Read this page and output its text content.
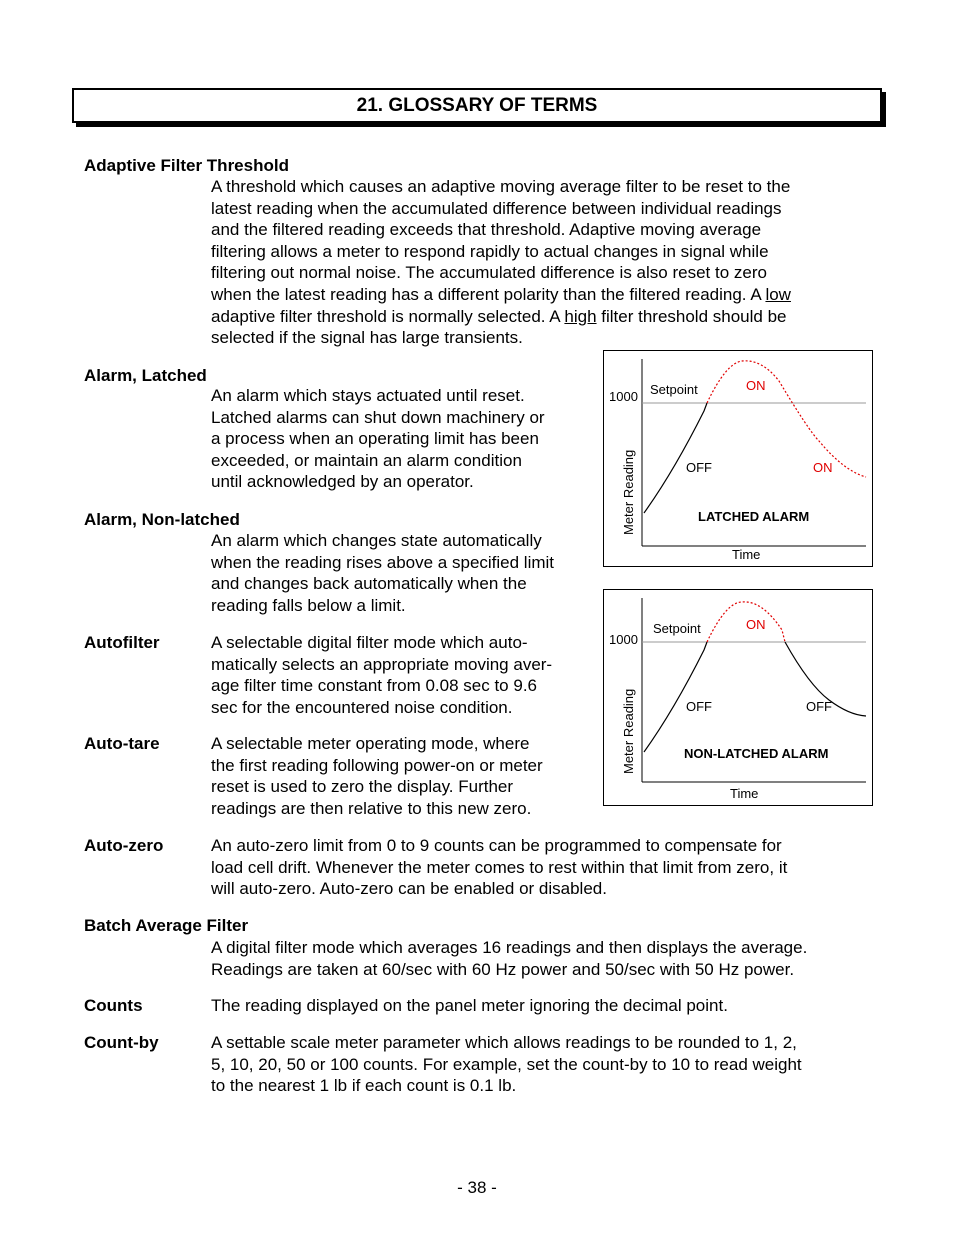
21. GLOSSARY OF TERMS
Adaptive Filter Threshold
A threshold which causes an adaptive moving average filter to be reset to the
latest reading when the accumulated difference between individual readings
and the filtered reading exceeds that threshold. Adaptive moving average
filtering allows a meter to respond rapidly to actual changes in signal while
filtering out normal noise. The accumulated difference is also reset to zero
when the latest reading has a different polarity than the filtered reading. A low
adaptive filter threshold is normally selected. A high filter threshold should be
selected if the signal has large transients.
Alarm, Latched
An alarm which stays actuated until reset.
Latched alarms can shut down machinery or
a process when an operating limit has been
exceeded, or maintain an alarm condition
until acknowledged by an operator.
Alarm, Non-latched
An alarm which changes state automatically
when the reading rises above a specified limit
and changes back automatically when the
reading falls below a limit.
Autofilter	A selectable digital filter mode which auto-
matically selects an appropriate moving aver-
age filter time constant from 0.08 sec to 9.6
sec for the encountered noise condition.
Auto-tare	A selectable meter operating mode, where
the first reading following power-on or meter
reset is used to zero the display. Further
readings are then relative to this new zero.
Auto-zero	An auto-zero limit from 0 to 9 counts can be programmed to compensate for
load cell drift. Whenever the meter comes to rest within that limit from zero, it
will auto-zero. Auto-zero can be enabled or disabled.
Batch Average Filter
A digital filter mode which averages 16 readings and then displays the average.
Readings are taken at 60/sec with 60 Hz power and 50/sec with 50 Hz power.
Counts	The reading displayed on the panel meter ignoring the decimal point.
Count-by	A settable scale meter parameter which allows readings to be rounded to 1, 2,
5, 10, 20, 50 or 100 counts. For example, set the count-by to 10 to read weight
to the nearest 1 lb if each count is 0.1 lb.
1000 Setpoint	ON
OFF	ON
LATCHED ALARM
Meter Reading
Time
1000
Setpoint	ON
OFF	OFF
NON-LATCHED ALARM
Meter Reading
Time
- 38 -
